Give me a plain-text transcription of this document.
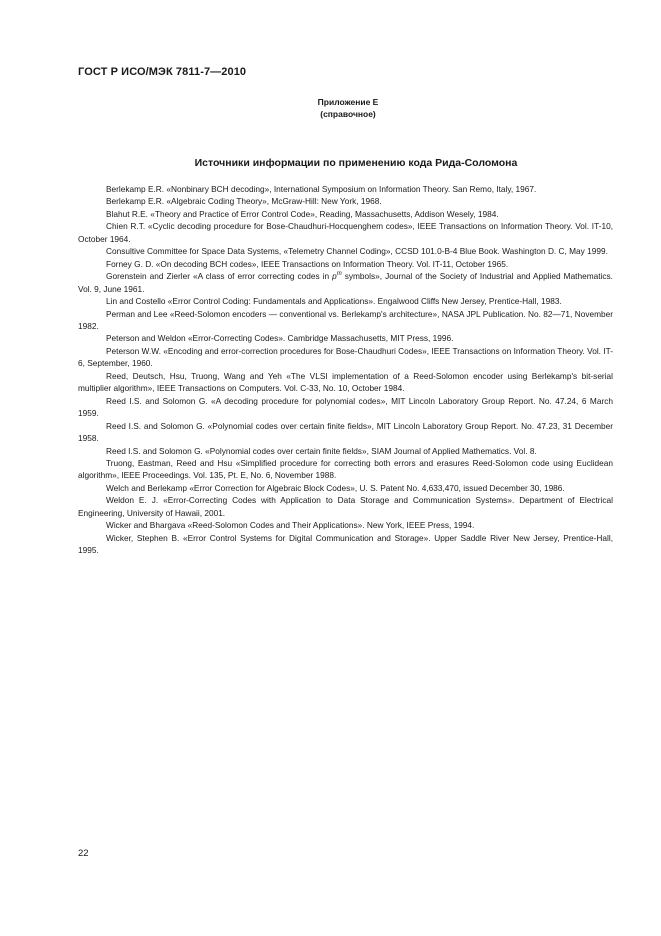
ГОСТ Р ИСО/МЭК 7811-7—2010
Приложение Е
(справочное)
Источники информации по применению кода Рида-Соломона

Berlekamp E.R. «Nonbinary BCH decoding», International Symposium on Information Theory. San Remo, Italy, 1967.

Berlekamp E.R. «Algebraic Coding Theory», McGraw-Hill: New York, 1968.

Blahut R.E. «Theory and Practice of Error Control Code», Reading, Massachusetts, Addison Wesely, 1984.

Chien R.T. «Cyclic decoding procedure for Bose-Chaudhuri-Hocquenghem codes», IEEE Transactions on Information Theory. Vol. IT-10, October 1964.

Consultive Committee for Space Data Systems, «Telemetry Channel Coding», CCSD 101.0-B-4 Blue Book. Washington D. C, May 1999.

Forney G. D. «On decoding BCH codes», IEEE Transactions on Information Theory. Vol. IT-11, October 1965.

Gorenstein and Zierler «A class of error correcting codes in $p^m$ symbols», Journal of the Society of Industrial and Applied Mathematics. Vol. 9, June 1961.

Lin and Costello «Error Control Coding: Fundamentals and Applications». Engalwood Cliffs New Jersey, Prentice-Hall, 1983.

Perman and Lee «Reed-Solomon encoders — conventional vs. Berlekamp's architecture», NASA JPL Publication. No. 82—71, November 1982.

Peterson and Weldon «Error-Correcting Codes». Cambridge Massachusetts, MIT Press, 1996.

Peterson W.W. «Encoding and error-correction procedures for Bose-Chaudhuri Codes», IEEE Transactions on Information Theory. Vol. IT-6, September, 1960.

Reed, Deutsch, Hsu, Truong, Wang and Yeh «The VLSI implementation of a Reed-Solomon encoder using Berlekamp's bit-serial multiplier algorithm», IEEE Transactions on Computers. Vol. C-33, No. 10, October 1984.

Reed I.S. and Solomon G. «A decoding procedure for polynomial codes», MIT Lincoln Laboratory Group Report. No. 47.24, 6 March 1959.

Reed I.S. and Solomon G. «Polynomial codes over certain finite fields», MIT Lincoln Laboratory Group Report. No. 47.23, 31 December 1958.

Reed I.S. and Solomon G. «Polynomial codes over certain finite fields», SIAM Journal of Applied Mathematics. Vol. 8.

Truong, Eastman, Reed and Hsu «Simplified procedure for correcting both errors and erasures Reed-Solomon code using Euclidean algorithm», IEEE Proceedings. Vol. 135, Pt. E, No. 6, November 1988.

Welch and Berlekamp «Error Correction for Algebraic Block Codes», U. S. Patent No. 4,633,470, issued December 30, 1986.

Weldon E. J. «Error-Correcting Codes with Application to Data Storage and Communication Systems». Department of Electrical Engineering, University of Hawaii, 2001.

Wicker and Bhargava «Reed-Solomon Codes and Their Applications». New York, IEEE Press, 1994.

Wicker, Stephen B. «Error Control Systems for Digital Communication and Storage». Upper Saddle River New Jersey, Prentice-Hall, 1995.

22
